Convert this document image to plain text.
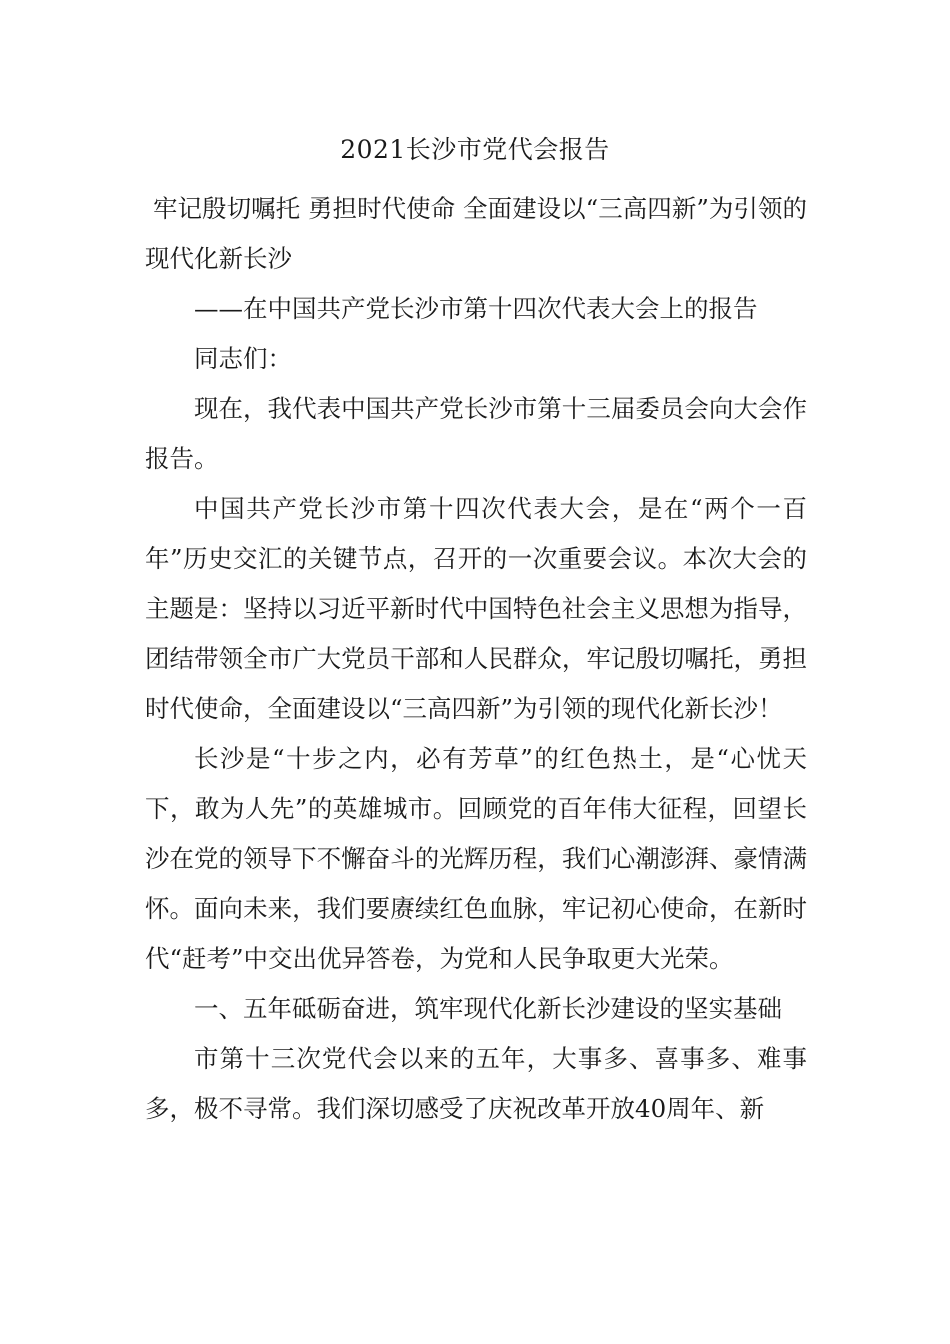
2021长沙市党代会报告

牢记殷切嘱托 勇担时代使命 全面建设以“三高四新”为引领的现代化新长沙

——在中国共产党长沙市第十四次代表大会上的报告

同志们：

现在，我代表中国共产党长沙市第十三届委员会向大会作报告。

中国共产党长沙市第十四次代表大会，是在“两个一百年”历史交汇的关键节点，召开的一次重要会议。本次大会的主题是：坚持以习近平新时代中国特色社会主义思想为指导，团结带领全市广大党员干部和人民群众，牢记殷切嘱托，勇担时代使命，全面建设以“三高四新”为引领的现代化新长沙！

长沙是“十步之内，必有芳草”的红色热土，是“心忧天下，敢为人先”的英雄城市。回顾党的百年伟大征程，回望长沙在党的领导下不懈奋斗的光辉历程，我们心潮澎湃、豪情满怀。面向未来，我们要赓续红色血脉，牢记初心使命，在新时代“赶考”中交出优异答卷，为党和人民争取更大光荣。

一、五年砥砺奋进，筑牢现代化新长沙建设的坚实基础

市第十三次党代会以来的五年，大事多、喜事多、难事多，极不寻常。我们深切感受了庆祝改革开放40周年、新
